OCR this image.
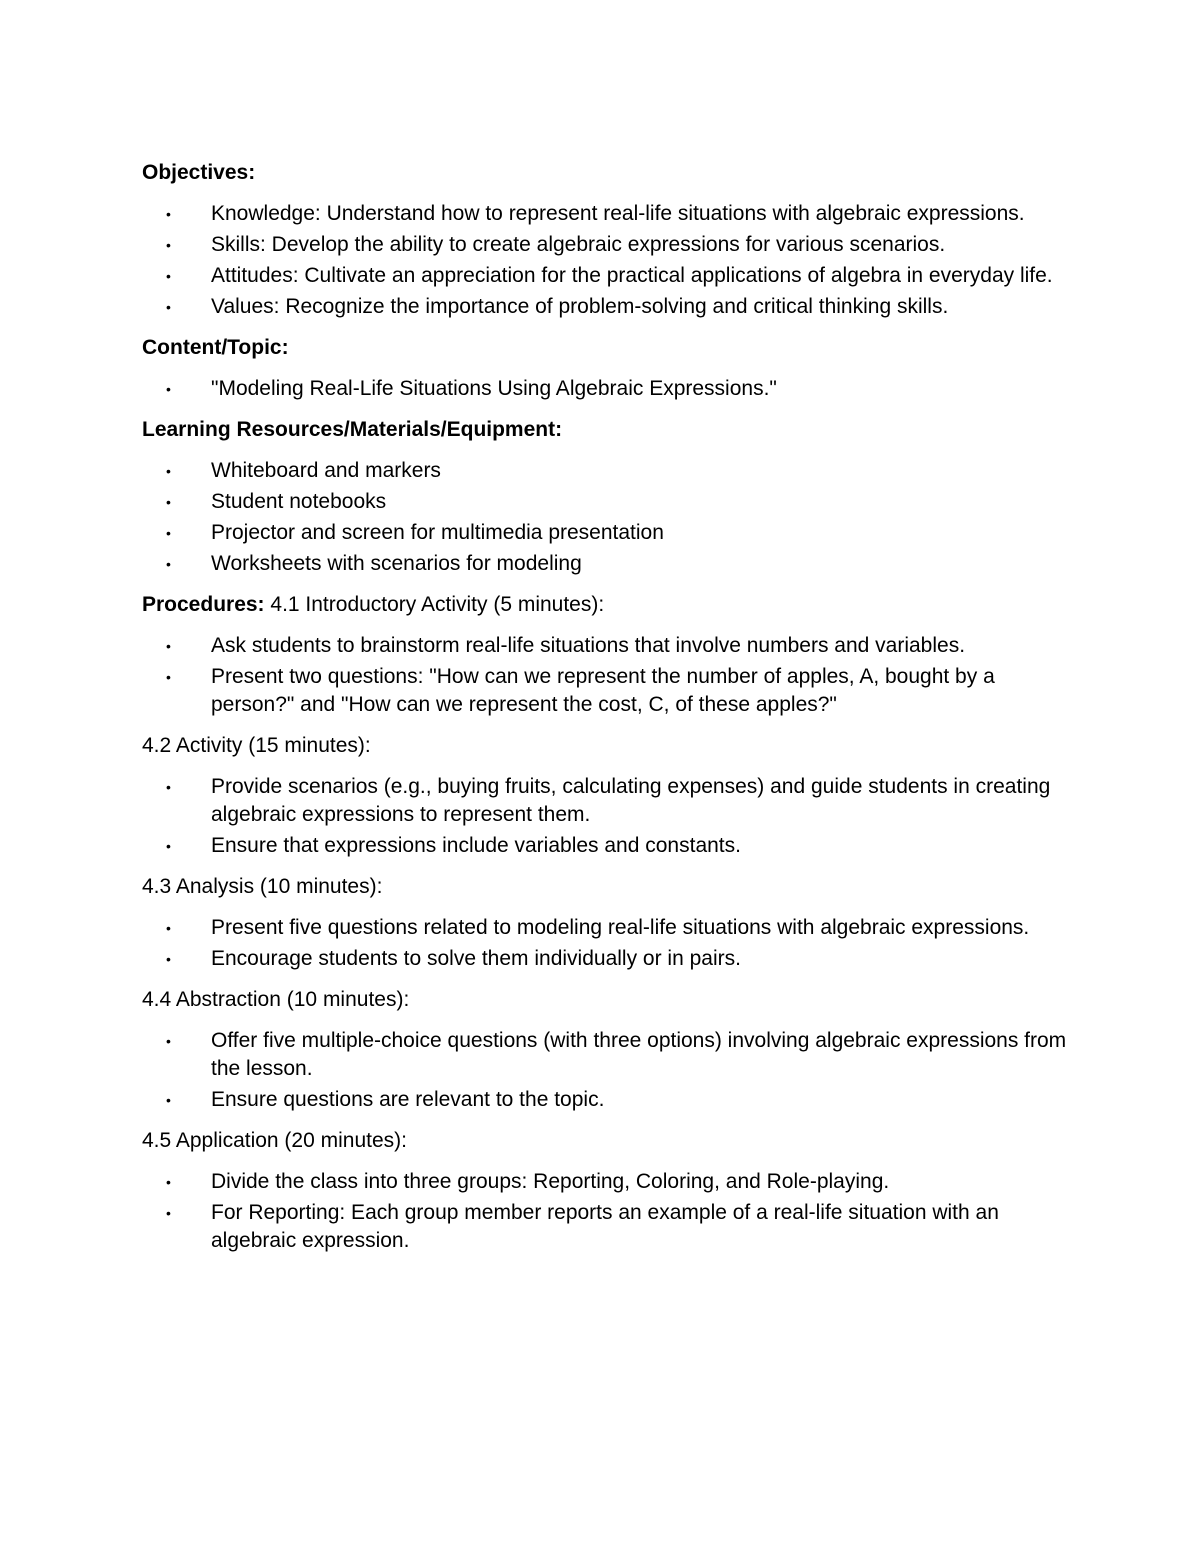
Objectives:
• Knowledge: Understand how to represent real-life situations with algebraic expressions.
• Skills: Develop the ability to create algebraic expressions for various scenarios.
• Attitudes: Cultivate an appreciation for the practical applications of algebra in everyday life.
• Values: Recognize the importance of problem-solving and critical thinking skills.
Content/Topic:
• "Modeling Real-Life Situations Using Algebraic Expressions."
Learning Resources/Materials/Equipment:
• Whiteboard and markers
• Student notebooks
• Projector and screen for multimedia presentation
• Worksheets with scenarios for modeling
Procedures: 4.1 Introductory Activity (5 minutes):
• Ask students to brainstorm real-life situations that involve numbers and variables.
• Present two questions: "How can we represent the number of apples, A, bought by a person?" and "How can we represent the cost, C, of these apples?"
4.2 Activity (15 minutes):
• Provide scenarios (e.g., buying fruits, calculating expenses) and guide students in creating algebraic expressions to represent them.
• Ensure that expressions include variables and constants.
4.3 Analysis (10 minutes):
• Present five questions related to modeling real-life situations with algebraic expressions.
• Encourage students to solve them individually or in pairs.
4.4 Abstraction (10 minutes):
• Offer five multiple-choice questions (with three options) involving algebraic expressions from the lesson.
• Ensure questions are relevant to the topic.
4.5 Application (20 minutes):
• Divide the class into three groups: Reporting, Coloring, and Role-playing.
• For Reporting: Each group member reports an example of a real-life situation with an algebraic expression.
